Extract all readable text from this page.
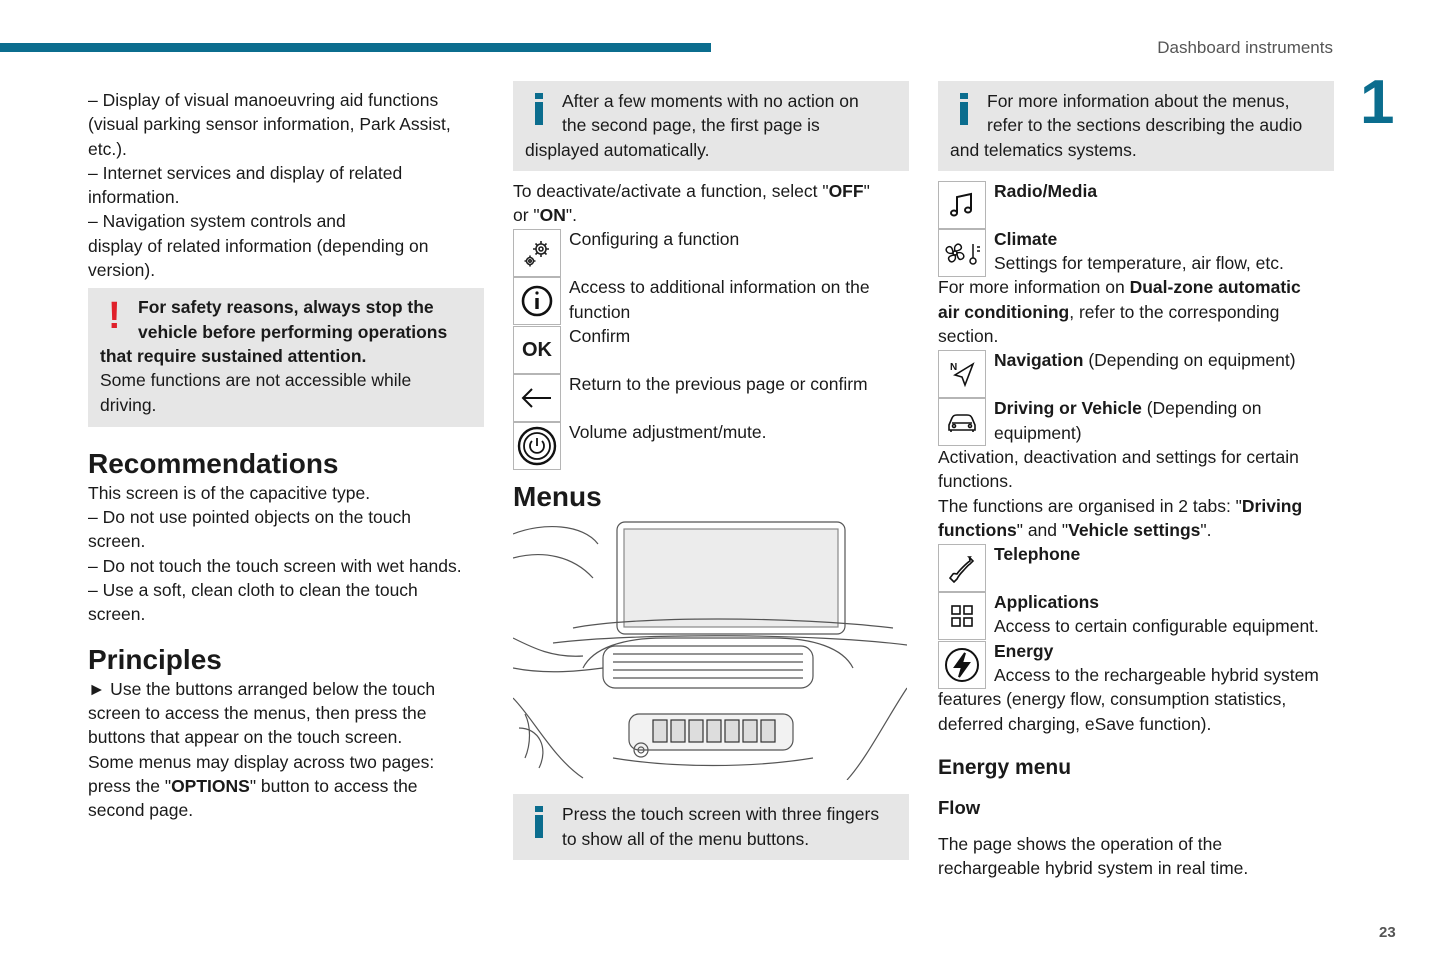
Dashboard instruments
1
23
– Display of visual manoeuvring aid functions
(visual parking sensor information, Park Assist,
etc.).
– Internet services and display of related
information.
– Navigation system controls and
display of related information (depending on
version).
! For safety reasons, always stop the
vehicle before performing operations
that require sustained attention.
Some functions are not accessible while
driving.
Recommendations
This screen is of the capacitive type.
– Do not use pointed objects on the touch
screen.
– Do not touch the touch screen with wet hands.
– Use a soft, clean cloth to clean the touch
screen.
Principles
► Use the buttons arranged below the touch
screen to access the menus, then press the
buttons that appear on the touch screen.
Some menus may display across two pages:
press the "OPTIONS" button to access the
second page.
After a few moments with no action on
the second page, the first page is
displayed automatically.
To deactivate/activate a function, select "OFF"
or "ON".
Configuring a function
Access to additional information on the
function
OK
Confirm
Return to the previous page or confirm
Volume adjustment/mute.
Menus
Press the touch screen with three fingers
to show all of the menu buttons.
For more information about the menus,
refer to the sections describing the audio
and telematics systems.
Radio/Media
Climate
Settings for temperature, air flow, etc.
For more information on Dual-zone automatic
air conditioning, refer to the corresponding
section.
N	Navigation (Depending on equipment)
Driving or Vehicle (Depending on
equipment)
Activation, deactivation and settings for certain
functions.
The functions are organised in 2 tabs: "Driving
functions" and "Vehicle settings".
Telephone
Applications
Access to certain configurable equipment.
Energy
Access to the rechargeable hybrid system
features (energy flow, consumption statistics,
deferred charging, eSave function).
Energy menu
Flow
The page shows the operation of the
rechargeable hybrid system in real time.
